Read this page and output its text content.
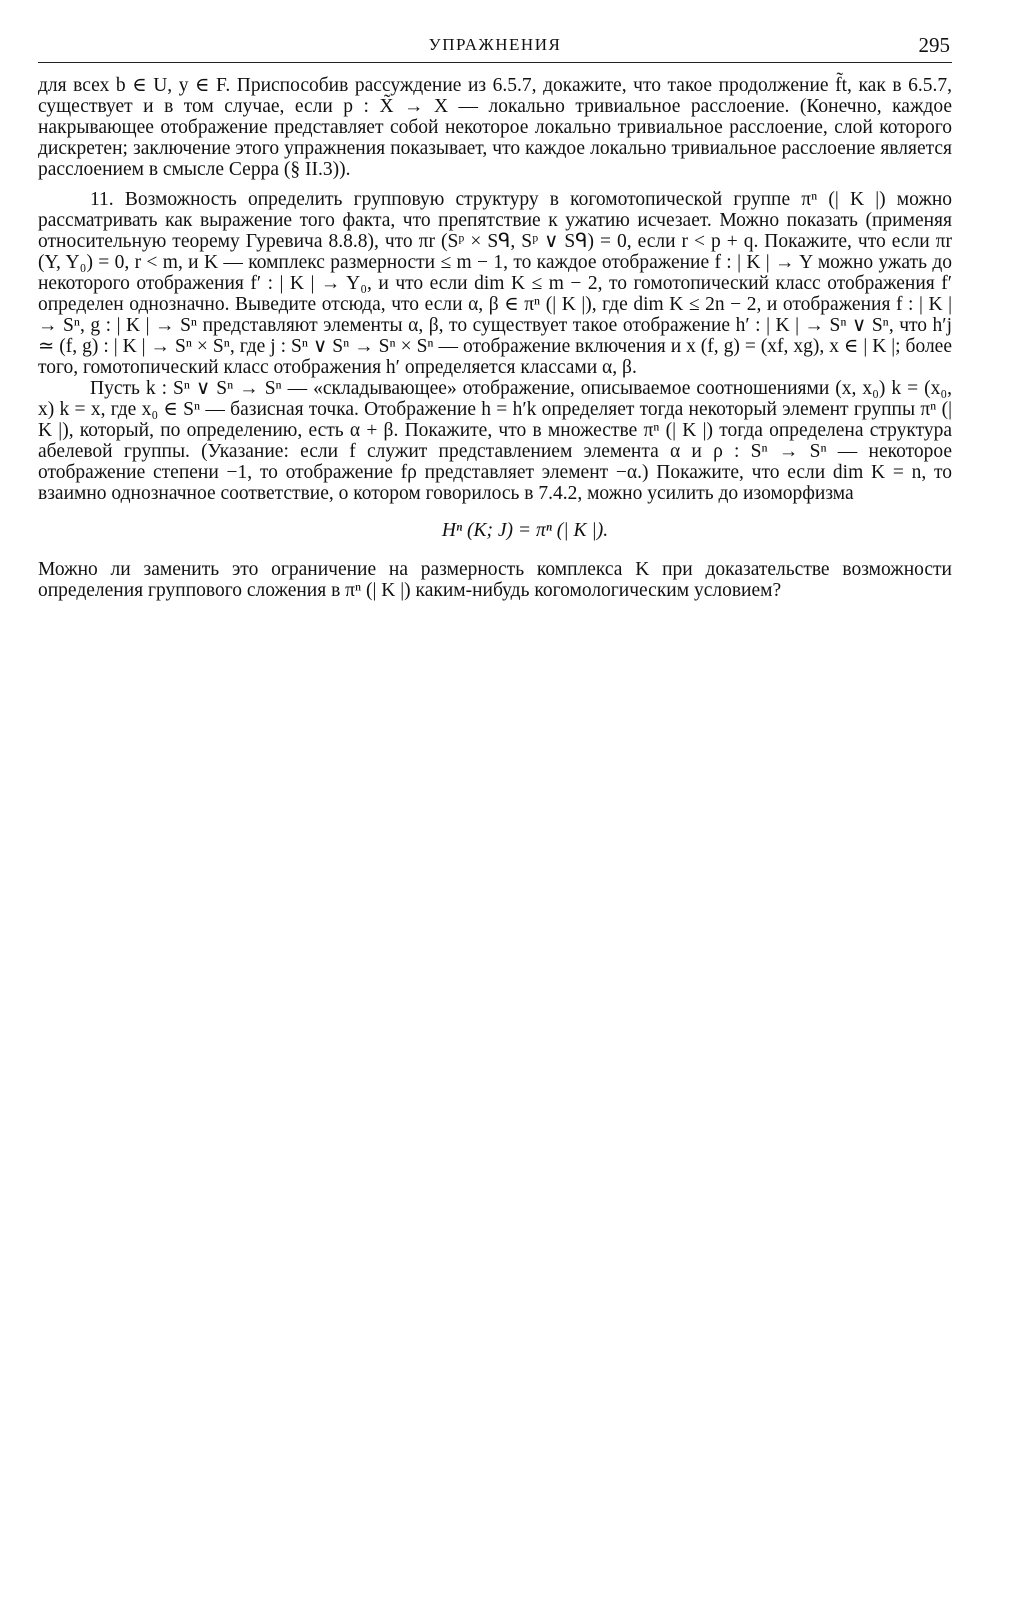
УПРАЖНЕНИЯ	295

для всех b ∈ U, y ∈ F. Приспособив рассуждение из 6.5.7, докажите, что такое продолжение f̃t, как в 6.5.7, существует и в том случае, если p : X̃ → X — локально тривиальное расслоение. (Конечно, каждое накрывающее отображение представляет собой некоторое локально тривиальное расслоение, слой которого дискретен; заключение этого упражнения показывает, что каждое локально тривиальное расслоение является расслоением в смысле Серра (§ II.3)).

11. Возможность определить групповую структуру в когомотопической группе πⁿ (| K |) можно рассматривать как выражение того факта, что препятствие к ужатию исчезает. Можно показать (применяя относительную теорему Гуревича 8.8.8), что πr (Sᵖ × Sᑫ, Sᵖ ∨ Sᑫ) = 0, если r < p + q. Покажите, что если πr (Y, Y₀) = 0, r < m, и K — комплекс размерности ≤ m − 1, то каждое отображение f : | K | → Y можно ужать до некоторого отображения f′ : | K | → Y₀, и что если dim K ≤ m − 2, то гомотопический класс отображения f′ определен однозначно. Выведите отсюда, что если α, β ∈ πⁿ (| K |), где dim K ≤ 2n − 2, и отображения f : | K | → Sⁿ, g : | K | → Sⁿ представляют элементы α, β, то существует такое отображение h′ : | K | → Sⁿ ∨ Sⁿ, что h′j ≃ (f, g) : | K | → Sⁿ × Sⁿ, где j : Sⁿ ∨ Sⁿ → Sⁿ × Sⁿ — отображение включения и x (f, g) = (xf, xg), x ∈ | K |; более того, гомотопический класс отображения h′ определяется классами α, β.

Пусть k : Sⁿ ∨ Sⁿ → Sⁿ — «складывающее» отображение, описываемое соотношениями (x, x₀) k = (x₀, x) k = x, где x₀ ∈ Sⁿ — базисная точка. Отображение h = h′k определяет тогда некоторый элемент группы πⁿ (| K |), который, по определению, есть α + β. Покажите, что в множестве πⁿ (| K |) тогда определена структура абелевой группы. (Указание: если f служит представлением элемента α и ρ : Sⁿ → Sⁿ — некоторое отображение степени −1, то отображение fρ представляет элемент −α.) Покажите, что если dim K = n, то взаимно однозначное соответствие, о котором говорилось в 7.4.2, можно усилить до изоморфизма

Hⁿ (K; J) = πⁿ (| K |).

Можно ли заменить это ограничение на размерность комплекса K при доказательстве возможности определения группового сложения в πⁿ (| K |) каким-нибудь когомологическим условием?
